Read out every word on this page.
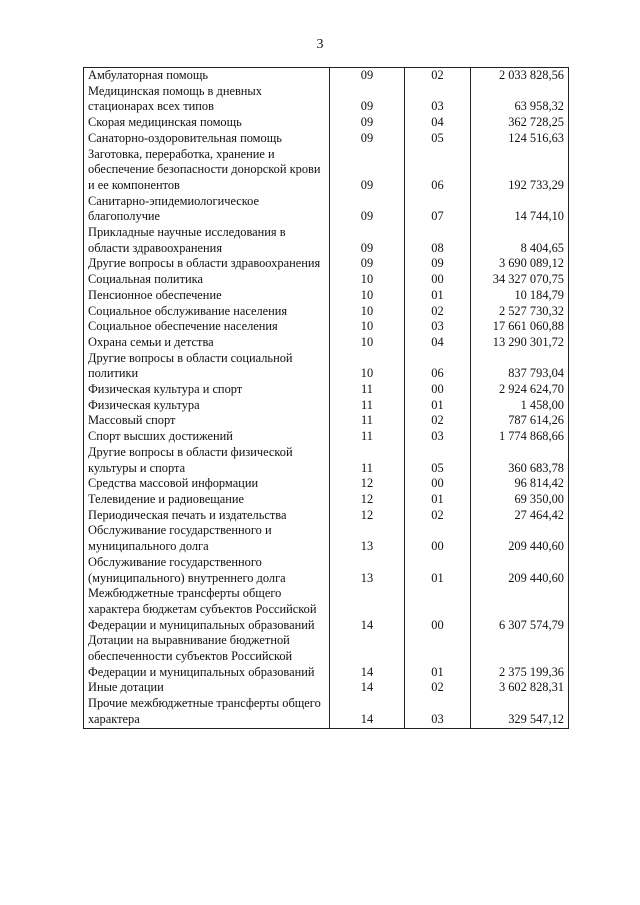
3
Амбулаторная помощь	09	02	2 033 828,56
Медицинская помощь в дневных стационарах всех типов	09	03	63 958,32
Скорая медицинская помощь	09	04	362 728,25
Санаторно-оздоровительная помощь	09	05	124 516,63
Заготовка, переработка, хранение и обеспечение безопасности донорской крови и ее компонентов	09	06	192 733,29
Санитарно-эпидемиологическое благополучие	09	07	14 744,10
Прикладные научные исследования в области здравоохранения	09	08	8 404,65
Другие вопросы в области здравоохранения	09	09	3 690 089,12
Социальная политика	10	00	34 327 070,75
Пенсионное обеспечение	10	01	10 184,79
Социальное обслуживание населения	10	02	2 527 730,32
Социальное обеспечение населения	10	03	17 661 060,88
Охрана семьи и детства	10	04	13 290 301,72
Другие вопросы в области социальной политики	10	06	837 793,04
Физическая культура и спорт	11	00	2 924 624,70
Физическая культура	11	01	1 458,00
Массовый спорт	11	02	787 614,26
Спорт высших достижений	11	03	1 774 868,66
Другие вопросы в области физической культуры и спорта	11	05	360 683,78
Средства массовой информации	12	00	96 814,42
Телевидение и радиовещание	12	01	69 350,00
Периодическая печать и издательства	12	02	27 464,42
Обслуживание государственного и муниципального долга	13	00	209 440,60
Обслуживание государственного (муниципального) внутреннего долга	13	01	209 440,60
Межбюджетные трансферты общего характера бюджетам субъектов Российской Федерации и муниципальных образований	14	00	6 307 574,79
Дотации на выравнивание бюджетной обеспеченности субъектов Российской Федерации и муниципальных образований	14	01	2 375 199,36
Иные дотации	14	02	3 602 828,31
Прочие межбюджетные трансферты общего характера	14	03	329 547,12
